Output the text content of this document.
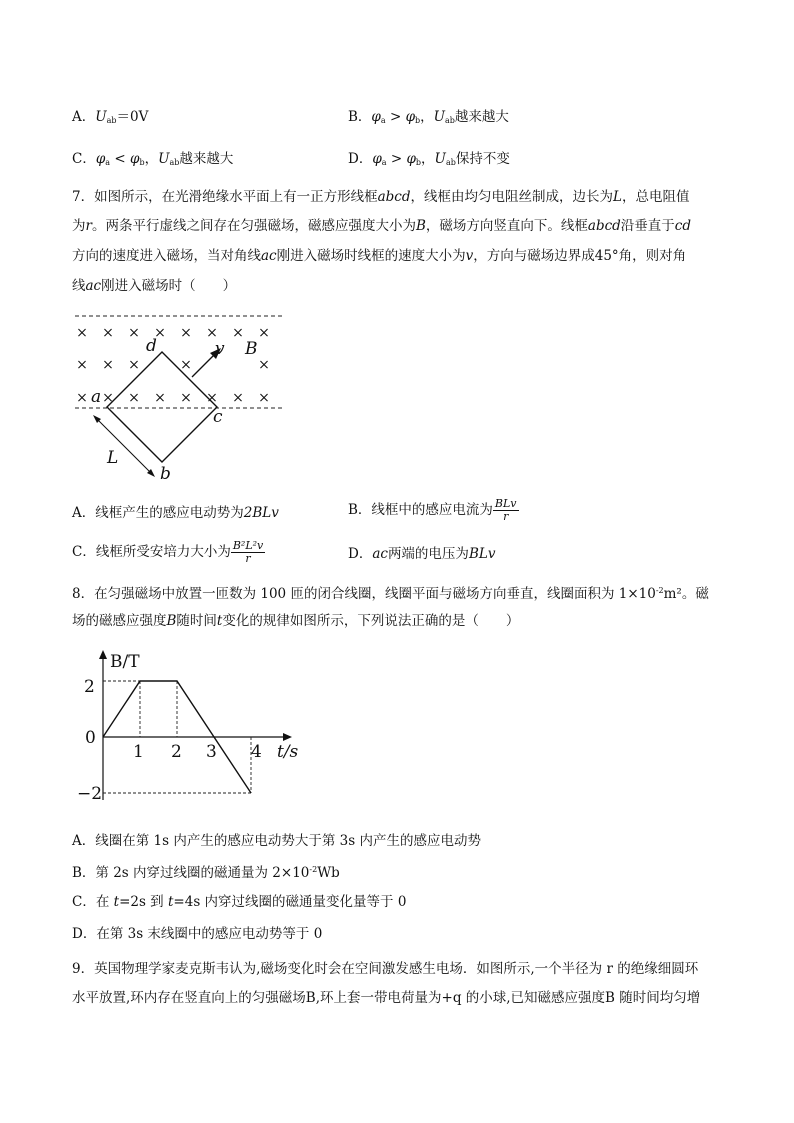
A．$U_{ab}=0V$	B．$\varphi_a > \varphi_b$，$U_{ab}$越来越大
C．$\varphi_a < \varphi_b$，$U_{ab}$越来越大	D．$\varphi_a > \varphi_b$，$U_{ab}$保持不变
7．如图所示，在光滑绝缘水平面上有一正方形线框abcd，线框由均匀电阻丝制成，边长为L，总电阻值
为r。两条平行虚线之间存在匀强磁场，磁感应强度大小为B，磁场方向竖直向下。线框abcd沿垂直于cd
方向的速度进入磁场，当对角线ac刚进入磁场时线框的速度大小为v，方向与磁场边界成45°角，则对角
线ac刚进入磁场时（　　）
× × × × × × × ×
× × ×	×	×
× × × × × × × ×
d	v B
a
c
L
b
A．线框产生的感应电动势为2BLv	B．线框中的感应电流为 $\frac{\text{BLv}}{r}$
C．线框所受安培力大小为 $\frac{\text{B²L²v}}{r}$	D．ac两端的电压为BLv
8．在匀强磁场中放置一匝数为 100 匝的闭合线圈，线圈平面与磁场方向垂直，线圈面积为 $1\times 10^{-2}m^2$。磁
场的磁感应强度B随时间t变化的规律如图所示，下列说法正确的是（　　）
B/T
t/s
2
0
−2
1 2 3 4
A．线圈在第 1s 内产生的感应电动势大于第 3s 内产生的感应电动势
B．第 2s 内穿过线圈的磁通量为 $2\times 10^{-2}Wb$
C．在 t=2s 到 t=4s 内穿过线圈的磁通量变化量等于 0
D．在第 3s 末线圈中的感应电动势等于 0
9．英国物理学家麦克斯韦认为,磁场变化时会在空间激发感生电场．如图所示,一个半径为 r 的绝缘细圆环
水平放置,环内存在竖直向上的匀强磁场B,环上套一带电荷量为+q 的小球,已知磁感应强度B 随时间均匀增
